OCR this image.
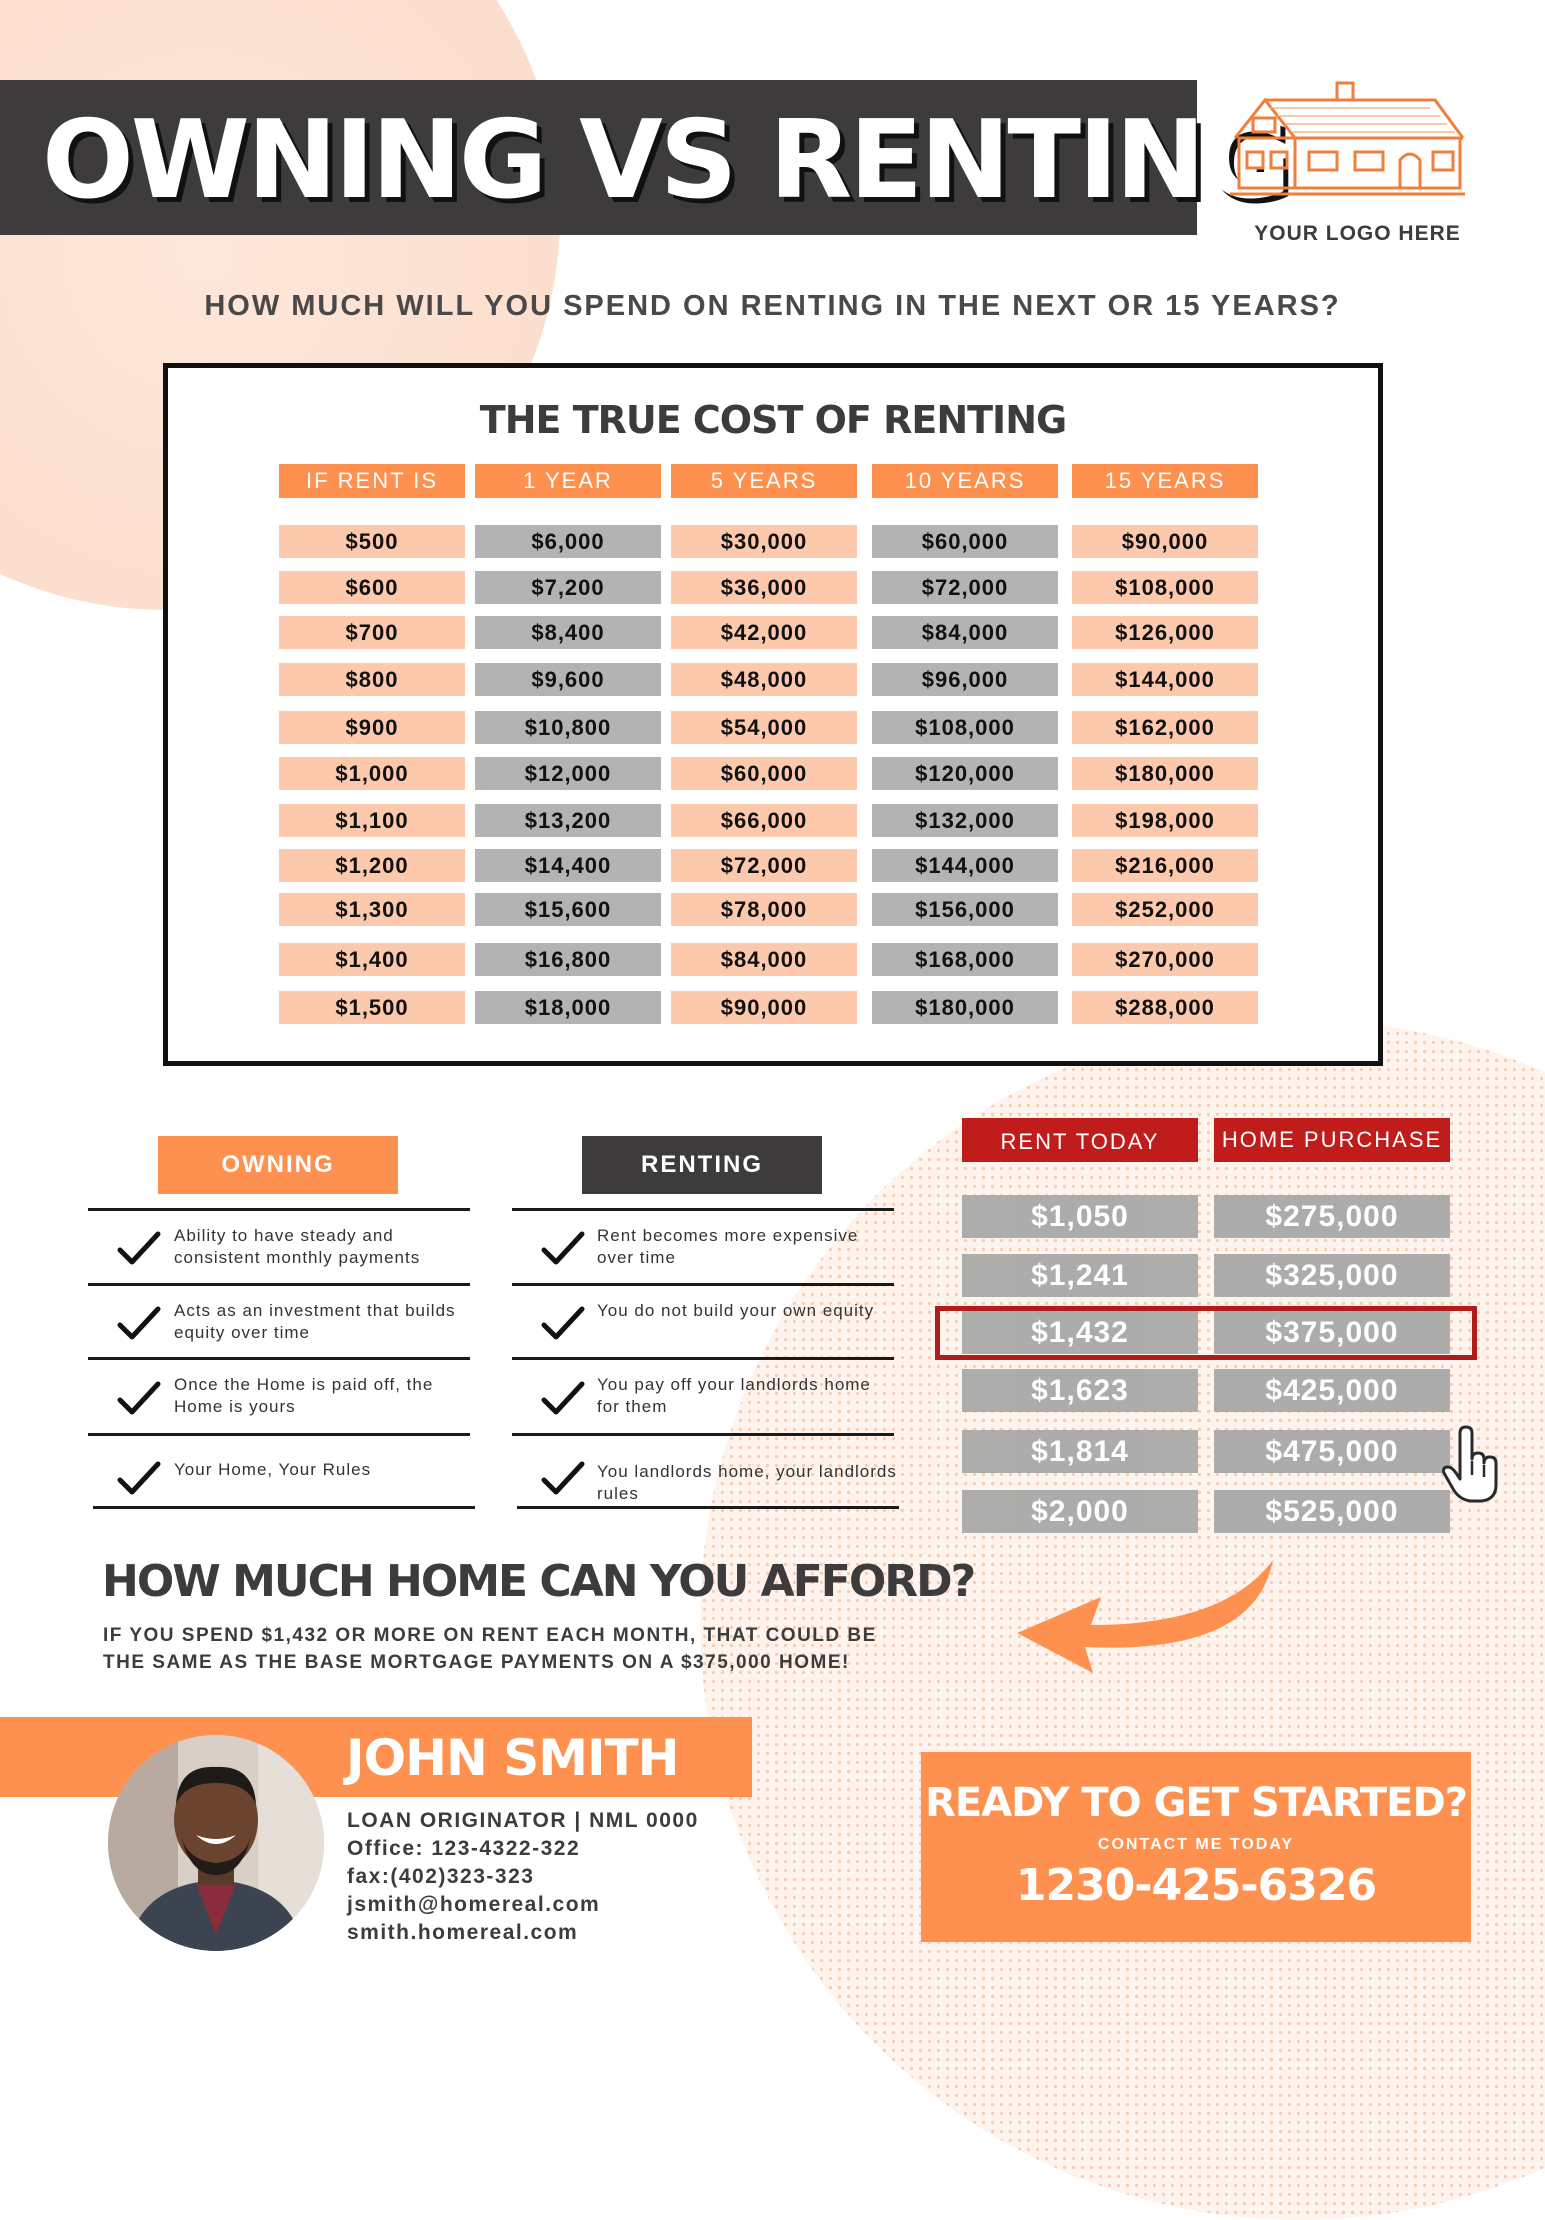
OWNING VS RENTING
YOUR LOGO HERE
HOW MUCH WILL YOU SPEND ON RENTING IN THE NEXT OR 15 YEARS?
THE TRUE COST OF RENTING
IF RENT IS	1 YEAR	5 YEARS	10 YEARS	15 YEARS
$500	$6,000	$30,000	$60,000	$90,000
$600	$7,200	$36,000	$72,000	$108,000
$700	$8,400	$42,000	$84,000	$126,000
$800	$9,600	$48,000	$96,000	$144,000
$900	$10,800	$54,000	$108,000	$162,000
$1,000	$12,000	$60,000	$120,000	$180,000
$1,100	$13,200	$66,000	$132,000	$198,000
$1,200	$14,400	$72,000	$144,000	$216,000
$1,300	$15,600	$78,000	$156,000	$252,000
$1,400	$16,800	$84,000	$168,000	$270,000
$1,500	$18,000	$90,000	$180,000	$288,000
OWNING	RENTING
Ability to have steady and consistent monthly payments
Acts as an investment that builds equity over time
Once the Home is paid off, the Home is yours
Your Home, Your Rules
Rent becomes more expensive over time
You do not build your own equity
You pay off your landlords home for them
You landlords home, your landlords rules
RENT TODAY	HOME PURCHASE
$1,050	$275,000
$1,241	$325,000
$1,432	$375,000
$1,623	$425,000
$1,814	$475,000
$2,000	$525,000
HOW MUCH HOME CAN YOU AFFORD?
IF YOU SPEND $1,432 OR MORE ON RENT EACH MONTH, THAT COULD BE
THE SAME AS THE BASE MORTGAGE PAYMENTS ON A $375,000 HOME!
JOHN SMITH
LOAN ORIGINATOR | NML 0000
Office: 123-4322-322
fax:(402)323-323
jsmith@homereal.com
smith.homereal.com
READY TO GET STARTED?
CONTACT ME TODAY
1230-425-6326
